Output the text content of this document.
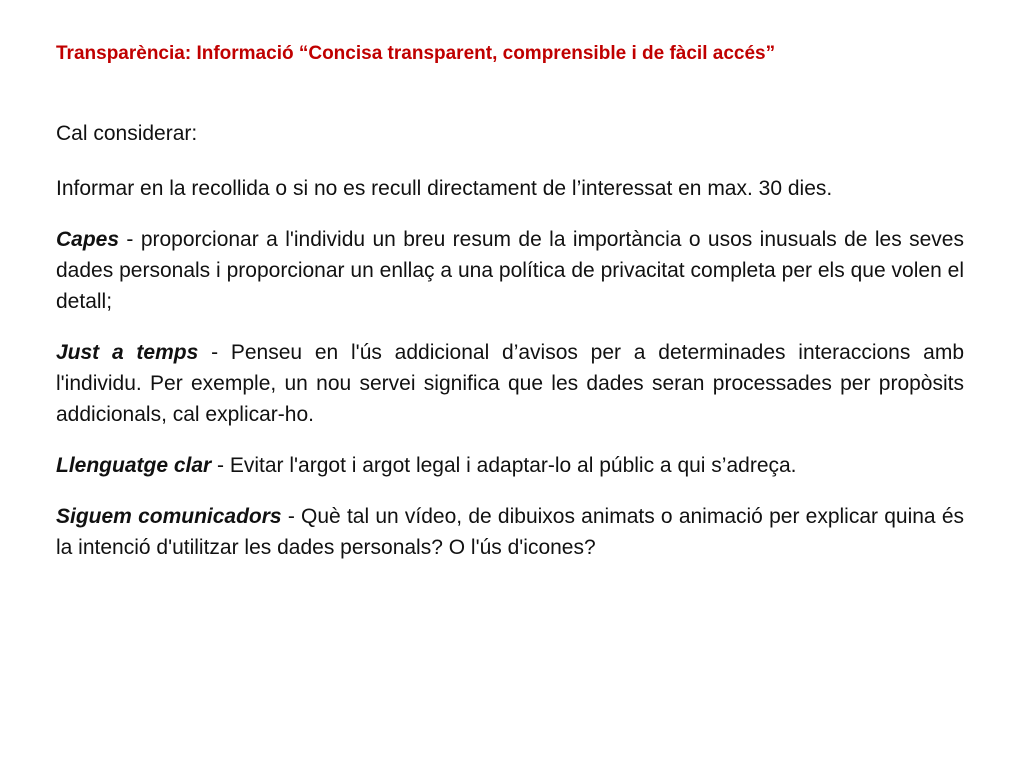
Transparència: Informació “Concisa transparent, comprensible i de fàcil accés”
Cal considerar:
Informar en la recollida o si no es recull directament de l’interessat en max. 30 dies.
Capes - proporcionar a l'individu un breu resum de la importància o usos inusuals de les seves dades personals i proporcionar un enllaç a una política de privacitat completa per els que volen el detall;
Just a temps - Penseu en l'ús addicional d’avisos per a determinades interaccions amb l'individu. Per exemple, un nou servei significa que les dades seran processades per propòsits addicionals, cal explicar-ho.
Llenguatge clar - Evitar l'argot i argot legal i adaptar-lo al públic a qui s’adreça.
Siguem comunicadors - Què tal un vídeo, de dibuixos animats o animació per explicar quina és la intenció d'utilitzar les dades personals? O l'ús d'icones?
